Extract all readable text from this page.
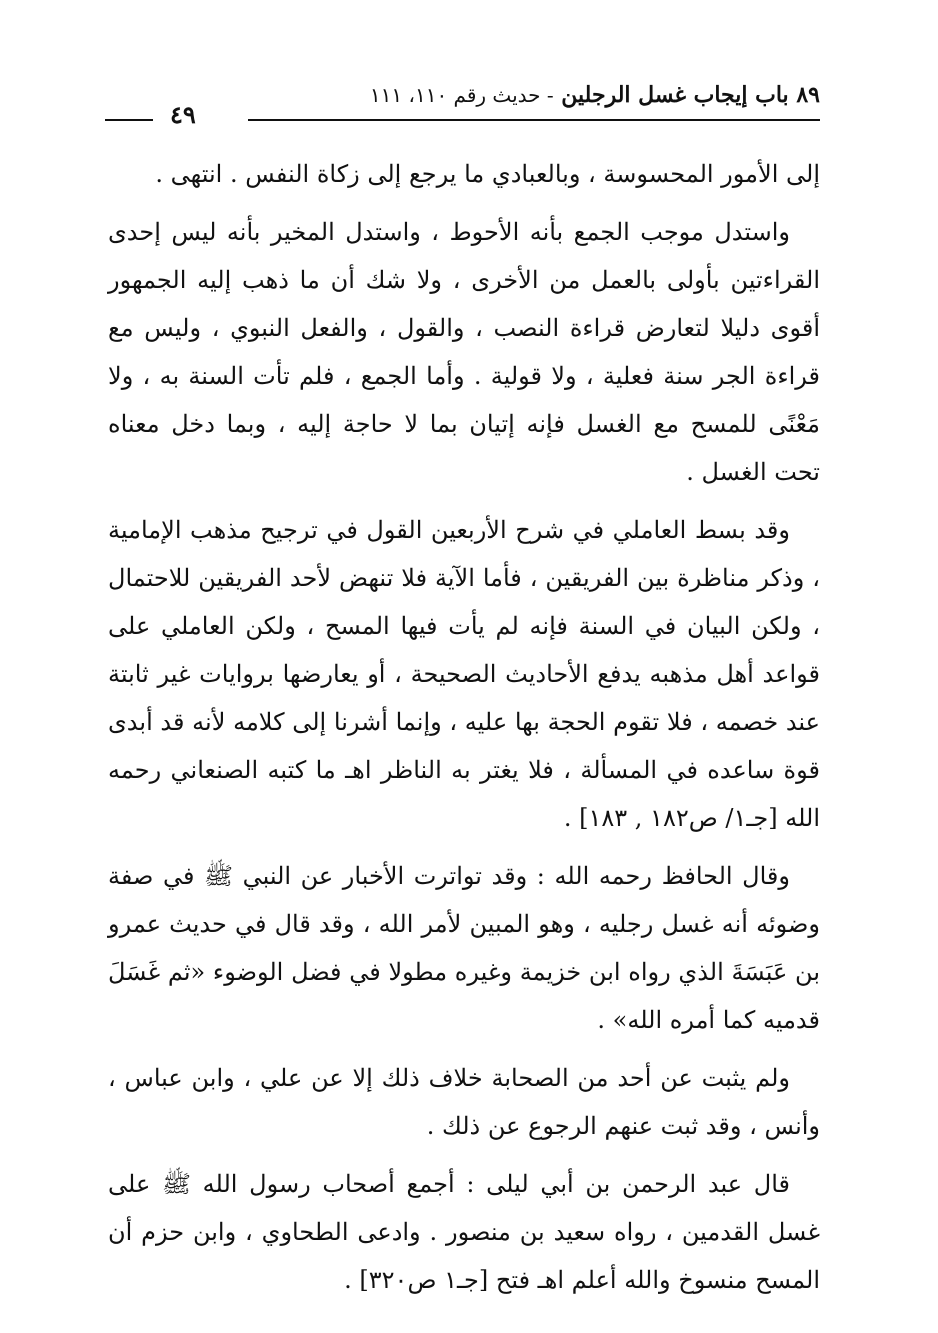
٨٩ باب إيجاب غسل الرجلين - حديث رقم ١١٠، ١١١
٤٩

إلى الأمور المحسوسة ، وبالعبادي ما يرجع إلى زكاة النفس . انتهى .

واستدل موجب الجمع بأنه الأحوط ، واستدل المخير بأنه ليس إحدى القراءتين بأولى بالعمل من الأخرى ، ولا شك أن ما ذهب إليه الجمهور أقوى دليلا لتعارض قراءة النصب ، والقول ، والفعل النبوي ، وليس مع قراءة الجر سنة فعلية ، ولا قولية . وأما الجمع ، فلم تأت السنة به ، ولا مَعْنًى للمسح مع الغسل فإنه إتيان بما لا حاجة إليه ، وبما دخل معناه تحت الغسل .

وقد بسط العاملي في شرح الأربعين القول في ترجيح مذهب الإمامية ، وذكر مناظرة بين الفريقين ، فأما الآية فلا تنهض لأحد الفريقين للاحتمال ، ولكن البيان في السنة فإنه لم يأت فيها المسح ، ولكن العاملي على قواعد أهل مذهبه يدفع الأحاديث الصحيحة ، أو يعارضها بروايات غير ثابتة عند خصمه ، فلا تقوم الحجة بها عليه ، وإنما أشرنا إلى كلامه لأنه قد أبدى قوة ساعده في المسألة ، فلا يغتر به الناظر اهـ ما كتبه الصنعاني رحمه الله [جـ١/ ص١٨٢ , ١٨٣] .

وقال الحافظ رحمه الله : وقد تواترت الأخبار عن النبي ﷺ في صفة وضوئه أنه غسل رجليه ، وهو المبين لأمر الله ، وقد قال في حديث عمرو بن عَبَسَةَ الذي رواه ابن خزيمة وغيره مطولا في فضل الوضوء «ثم غَسَلَ قدميه كما أمره الله» .

ولم يثبت عن أحد من الصحابة خلاف ذلك إلا عن علي ، وابن عباس ، وأنس ، وقد ثبت عنهم الرجوع عن ذلك .

قال عبد الرحمن بن أبي ليلى : أجمع أصحاب رسول الله ﷺ على غسل القدمين ، رواه سعيد بن منصور . وادعى الطحاوي ، وابن حزم أن المسح منسوخ والله أعلم اهـ فتح [جـ١ ص٣٢٠] .
